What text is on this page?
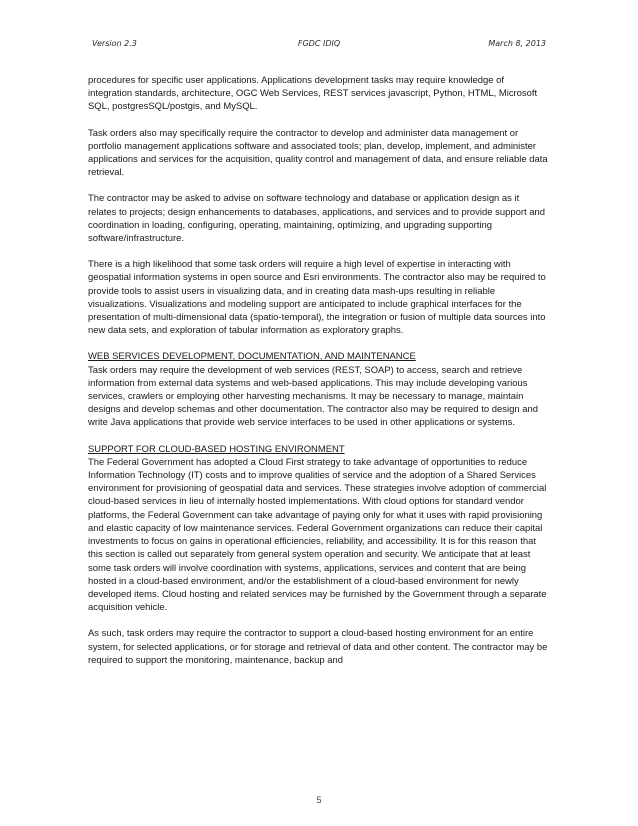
Version 2.3	FGDC IDIQ	March 8, 2013

procedures for specific user applications. Applications development tasks may require knowledge of integration standards, architecture, OGC Web Services, REST services javascript, Python, HTML, Microsoft SQL, postgresSQL/postgis, and MySQL.

Task orders also may specifically require the contractor to develop and administer data management or portfolio management applications software and associated tools; plan, develop, implement, and administer applications and services for the acquisition, quality control and management of data, and ensure reliable data retrieval.

The contractor may be asked to advise on software technology and database or application design as it relates to projects; design enhancements to databases, applications, and services and to provide support and coordination in loading, configuring, operating, maintaining, optimizing, and upgrading supporting software/infrastructure.

There is a high likelihood that some task orders will require a high level of expertise in interacting with geospatial information systems in open source and Esri environments. The contractor also may be required to provide tools to assist users in visualizing data, and in creating data mash-ups resulting in reliable visualizations. Visualizations and modeling support are anticipated to include graphical interfaces for the presentation of multi-dimensional data (spatio-temporal), the integration or fusion of multiple data sources into new data sets, and exploration of tabular information as exploratory graphs.

WEB SERVICES DEVELOPMENT, DOCUMENTATION, AND MAINTENANCE

Task orders may require the development of web services (REST, SOAP) to access, search and retrieve information from external data systems and web-based applications. This may include developing various services, crawlers or employing other harvesting mechanisms. It may be necessary to manage, maintain designs and develop schemas and other documentation. The contractor also may be required to design and write Java applications that provide web service interfaces to be used in other applications or systems.

SUPPORT FOR CLOUD-BASED HOSTING ENVIRONMENT

The Federal Government has adopted a Cloud First strategy to take advantage of opportunities to reduce Information Technology (IT) costs and to improve qualities of service and the adoption of a Shared Services environment for provisioning of geospatial data and services. These strategies involve adoption of commercial cloud-based services in lieu of internally hosted implementations. With cloud options for standard vendor platforms, the Federal Government can take advantage of paying only for what it uses with rapid provisioning and elastic capacity of low maintenance services. Federal Government organizations can reduce their capital investments to focus on gains in operational efficiencies, reliability, and accessibility. It is for this reason that this section is called out separately from general system operation and security. We anticipate that at least some task orders will involve coordination with systems, applications, services and content that are being hosted in a cloud-based environment, and/or the establishment of a cloud-based environment for newly developed items. Cloud hosting and related services may be furnished by the Government through a separate acquisition vehicle.

As such, task orders may require the contractor to support a cloud-based hosting environment for an entire system, for selected applications, or for storage and retrieval of data and other content. The contractor may be required to support the monitoring, maintenance, backup and

5
